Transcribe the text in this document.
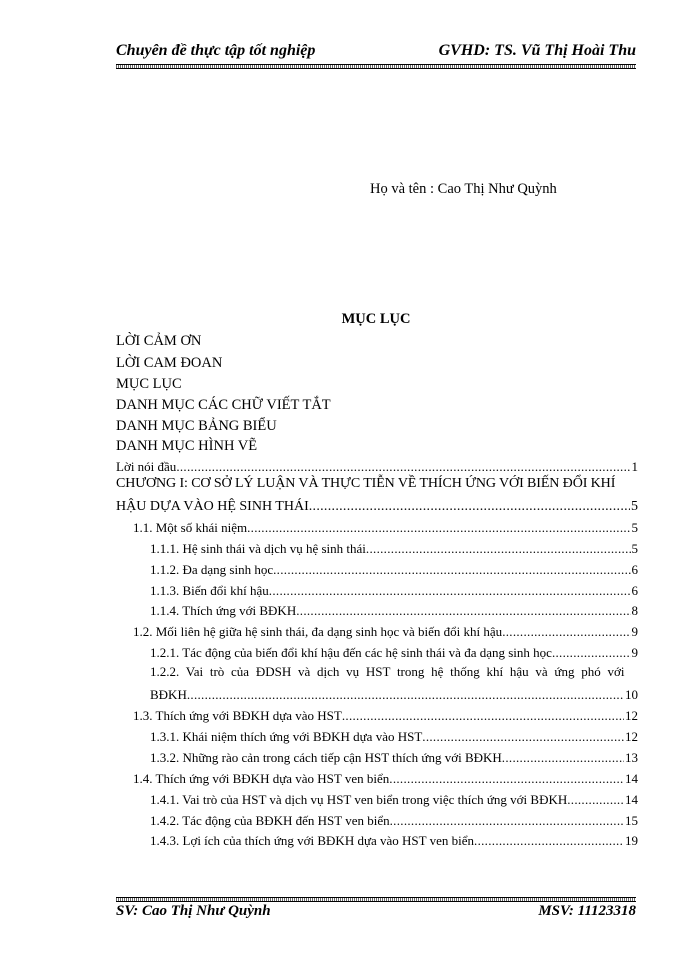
Chuyên đề thực tập tốt nghiệp	GVHD: TS. Vũ Thị Hoài Thu
Họ và tên : Cao Thị Như Quỳnh
MỤC LỤC
LỜI CẢM ƠN
LỜI CAM ĐOAN
MỤC LỤC
DANH MỤC CÁC CHỮ VIẾT TẮT
DANH MỤC BẢNG BIỂU
DANH MỤC HÌNH VẼ
Lời nói đầu .....	1
CHƯƠNG I: CƠ SỞ LÝ LUẬN VÀ THỰC TIỄN VỀ THÍCH ỨNG VỚI BIẾN ĐỔI KHÍ
HẬU DỰA VÀO HỆ SINH THÁI .....	5
1.1. Một số khái niệm .....	5
1.1.1. Hệ sinh thái và dịch vụ hệ sinh thái .....	5
1.1.2. Đa dạng sinh học .....	6
1.1.3. Biến đổi khí hậu .....	6
1.1.4. Thích ứng với BĐKH .....	8
1.2. Mối liên hệ giữa hệ sinh thái, đa dạng sinh học và biến đổi khí hậu .....	9
1.2.1. Tác động của biến đổi khí hậu đến các hệ sinh thái và đa dạng sinh học .....	9
1.2.2. Vai trò của ĐDSH và dịch vụ HST trong hệ thống khí hậu và ứng phó với
BĐKH .....	10
1.3. Thích ứng với BĐKH dựa vào HST .....	12
1.3.1. Khái niệm thích ứng với BĐKH dựa vào HST .....	12
1.3.2. Những rào cản trong cách tiếp cận HST thích ứng với BĐKH .....	13
1.4. Thích ứng với BĐKH dựa vào HST ven biển .....	14
1.4.1. Vai trò của HST và dịch vụ HST ven biển trong việc thích ứng với BĐKH .....	14
1.4.2. Tác động của BĐKH đến HST ven biển .....	15
1.4.3. Lợi ích của thích ứng với BĐKH dựa vào HST ven biển .....	19
SV: Cao Thị Như Quỳnh	MSV: 11123318
